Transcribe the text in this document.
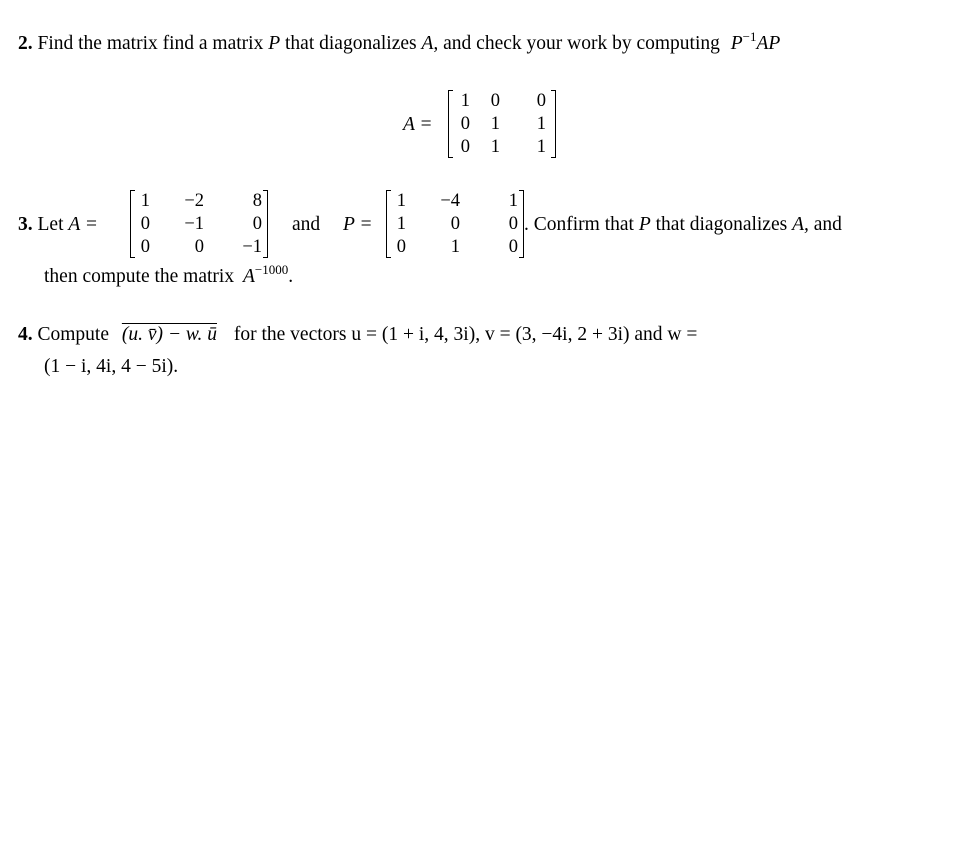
2. Find the matrix find a matrix P that diagonalizes A, and check your work by computing $P^{-1}AP$
A =
1	0	0
0	1	1
0	1	1
3. Let A =
1	−2	8
0	−1	0
0	0	−1
and P =
1	−4	1
1	0	0
0	1	0
. Confirm that P that diagonalizes A, and
then compute the matrix $A^{-1000}$.
4. Compute (u. v̄) − w. ū for the vectors u = (1 + i, 4, 3i), v = (3, −4i, 2 + 3i) and w =
(1 − i, 4i, 4 − 5i).
